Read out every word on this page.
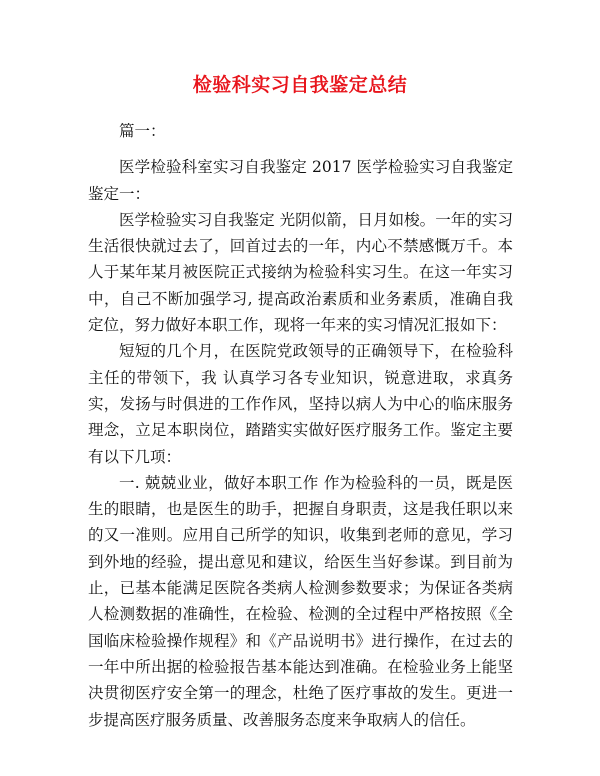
检验科实习自我鉴定总结

篇一：

医学检验科室实习自我鉴定 2017 医学检验实习自我鉴定 鉴定一：

医学检验实习自我鉴定 光阴似箭，日月如梭。一年的实习生活很快就过去了，回首过去的一年，内心不禁感慨万千。本人于某年某月被医院正式接纳为检验科实习生。在这一年实习中，自己不断加强学习, 提高政治素质和业务素质，准确自我定位，努力做好本职工作，现将一年来的实习情况汇报如下：

短短的几个月，在医院党政领导的正确领导下，在检验科主任的带领下，我 认真学习各专业知识，锐意进取，求真务实，发扬与时俱进的工作作风，坚持以病人为中心的临床服务理念，立足本职岗位，踏踏实实做好医疗服务工作。鉴定主要有以下几项：

一. 兢兢业业，做好本职工作 作为检验科的一员，既是医生的眼睛，也是医生的助手，把握自身职责，这是我任职以来的又一准则。应用自己所学的知识，收集到老师的意见，学习到外地的经验，提出意见和建议，给医生当好参谋。到目前为止，已基本能满足医院各类病人检测参数要求；为保证各类病人检测数据的准确性，在检验、检测的全过程中严格按照《全国临床检验操作规程》和《产品说明书》进行操作，在过去的一年中所出据的检验报告基本能达到准确。在检验业务上能坚决贯彻医疗安全第一的理念，杜绝了医疗事故的发生。更进一步提高医疗服务质量、改善服务态度来争取病人的信任。
